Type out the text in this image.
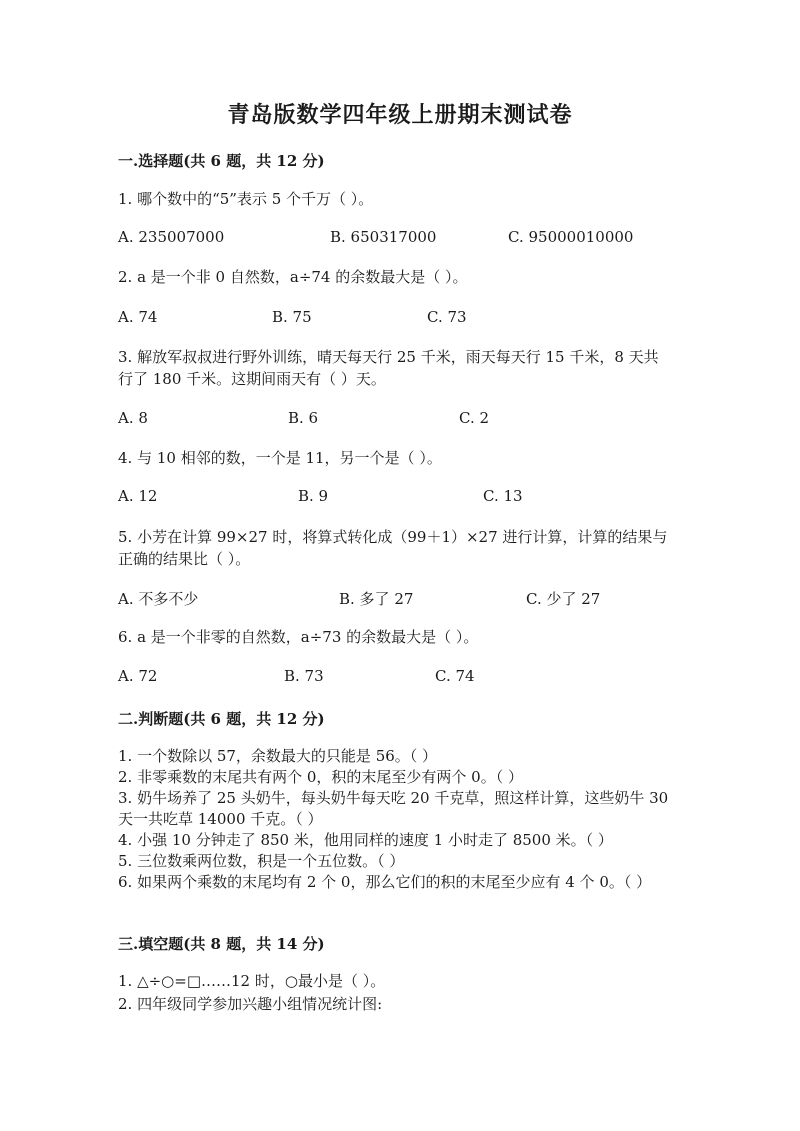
青岛版数学四年级上册期末测试卷
一.选择题(共 6 题，共 12 分)
1. 哪个数中的“5”表示 5 个千万（ ）。
A. 235007000	B. 650317000	C. 95000010000
2. a 是一个非 0 自然数，a÷74 的余数最大是（ ）。
A. 74	B. 75	C. 73
3. 解放军叔叔进行野外训练，晴天每天行 25 千米，雨天每天行 15 千米，8 天共行了 180 千米。这期间雨天有（ ）天。
A. 8	B. 6	C. 2
4. 与 10 相邻的数，一个是 11，另一个是（ ）。
A. 12	B. 9	C. 13
5. 小芳在计算 99×27 时，将算式转化成（99＋1）×27 进行计算，计算的结果与正确的结果比（ ）。
A. 不多不少	B. 多了 27	C. 少了 27
6. a 是一个非零的自然数，a÷73 的余数最大是（ ）。
A. 72	B. 73	C. 74
二.判断题(共 6 题，共 12 分)
1. 一个数除以 57，余数最大的只能是 56。（ ）
2. 非零乘数的末尾共有两个 0，积的末尾至少有两个 0。（ ）
3. 奶牛场养了 25 头奶牛，每头奶牛每天吃 20 千克草，照这样计算，这些奶牛 30 天一共吃草 14000 千克。（ ）
4. 小强 10 分钟走了 850 米，他用同样的速度 1 小时走了 8500 米。（ ）
5. 三位数乘两位数，积是一个五位数。（ ）
6. 如果两个乘数的末尾均有 2 个 0，那么它们的积的末尾至少应有 4 个 0。（ ）
三.填空题(共 8 题，共 14 分)
1. △÷○=□……12 时，○最小是（ ）。
2. 四年级同学参加兴趣小组情况统计图:
